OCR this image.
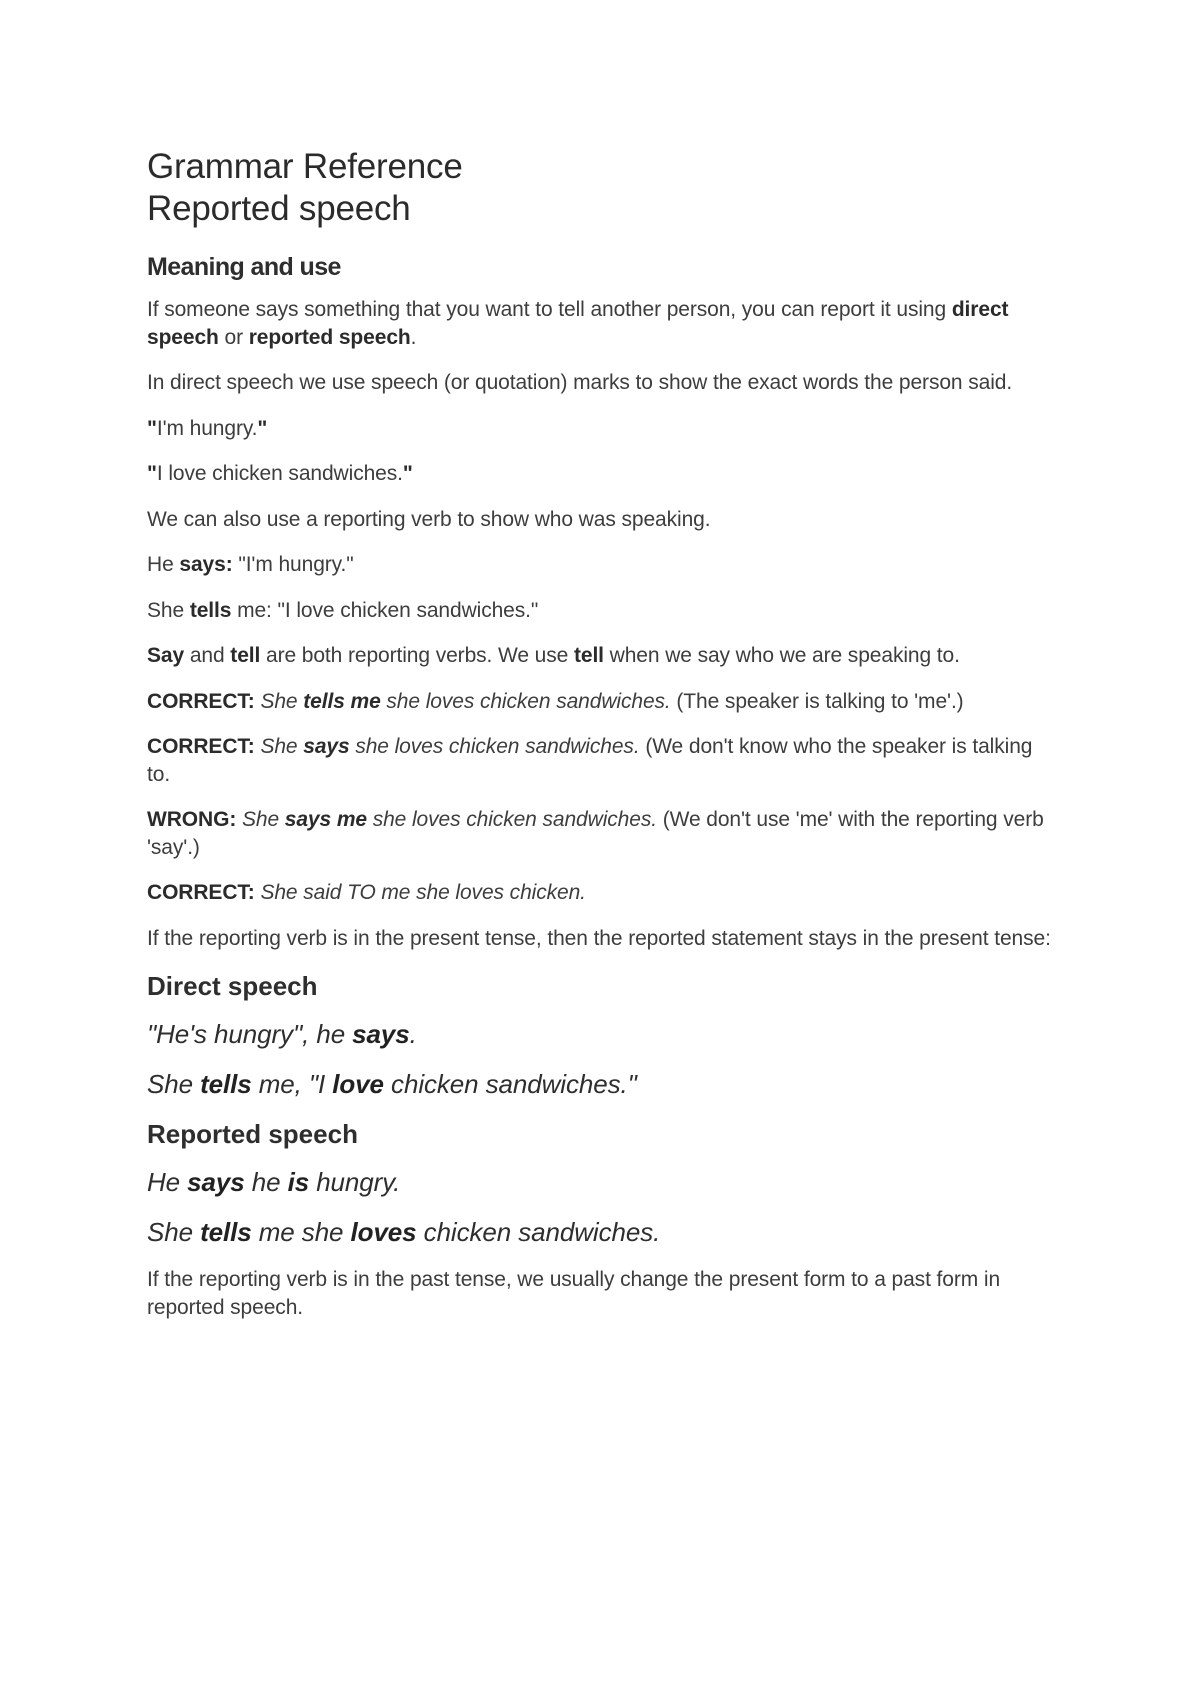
Grammar Reference
Reported speech
Meaning and use

If someone says something that you want to tell another person, you can report it using direct speech or reported speech.

In direct speech we use speech (or quotation) marks to show the exact words the person said.

"I'm hungry."

"I love chicken sandwiches."

We can also use a reporting verb to show who was speaking.

He says: "I'm hungry."

She tells me: "I love chicken sandwiches."

Say and tell are both reporting verbs. We use tell when we say who we are speaking to.

CORRECT: She tells me she loves chicken sandwiches. (The speaker is talking to 'me'.)

CORRECT: She says she loves chicken sandwiches. (We don't know who the speaker is talking to.

WRONG: She says me she loves chicken sandwiches. (We don't use 'me' with the reporting verb 'say'.)

CORRECT: She said TO me she loves chicken.

If the reporting verb is in the present tense, then the reported statement stays in the present tense:

Direct speech

"He's hungry", he says.

She tells me, "I love chicken sandwiches."

Reported speech

He says he is hungry.

She tells me she loves chicken sandwiches.

If the reporting verb is in the past tense, we usually change the present form to a past form in reported speech.
